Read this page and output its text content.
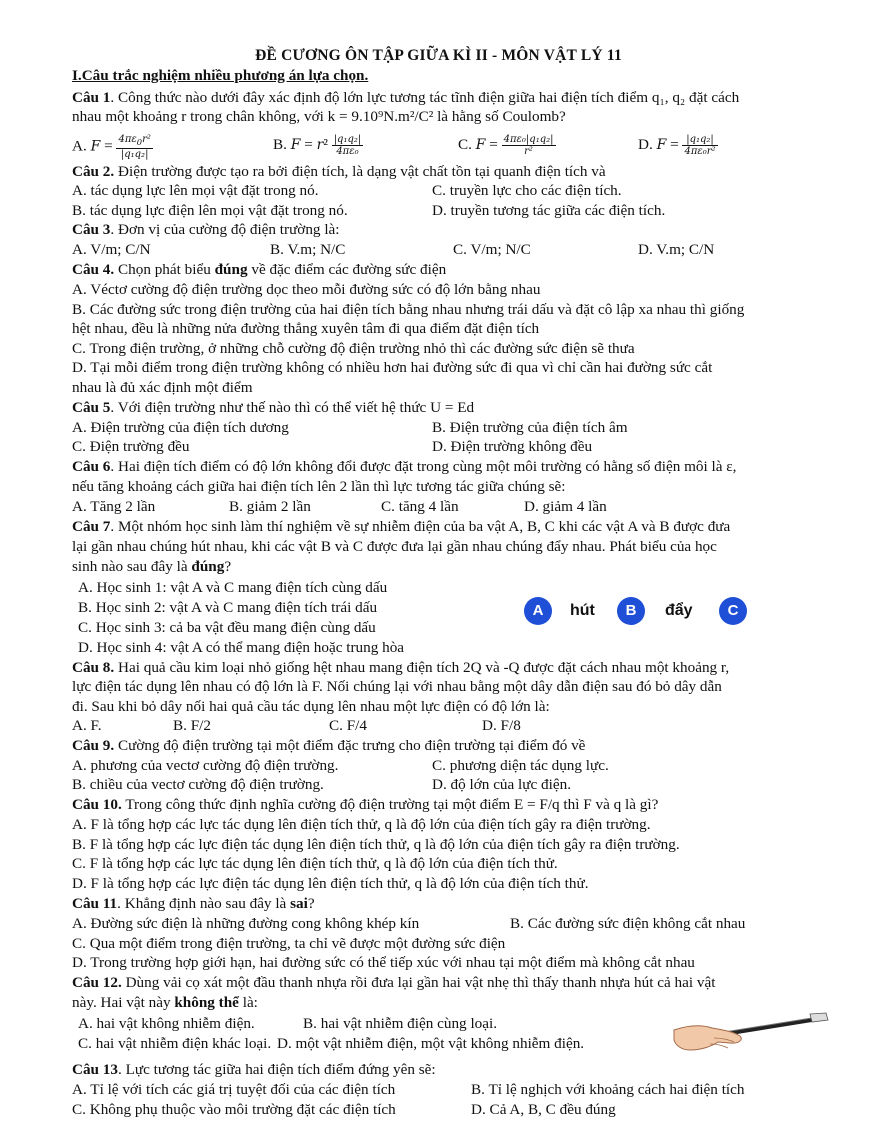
ĐỀ CƯƠNG ÔN TẬP GIỮA KÌ II - MÔN VẬT LÝ 11
I.Câu trắc nghiệm nhiều phương án lựa chọn.
Câu 1. Công thức nào dưới đây xác định độ lớn lực tương tác tĩnh điện giữa hai điện tích điểm q₁, q₂ đặt cách
nhau một khoảng r trong chân không, với k = 9.10⁹N.m²/C² là hằng số Coulomb?
A. $F = \frac{4\pi\varepsilon_0r^2}{\text{|q₁q₂|}}$	B. $F = r^2 \frac{\text{|q₁q₂|}}{\text{4πε₀}}$	C. $F = \frac{\text{4πε₀|q₁q₂|}}{\text{r²}}$	D. $F = \frac{\text{|q₁q₂|}}{\text{4πε₀r²}}$
Câu 2. Điện trường được tạo ra bởi điện tích, là dạng vật chất tồn tại quanh điện tích và
A. tác dụng lực lên mọi vật đặt trong nó.	C. truyền lực cho các điện tích.
B. tác dụng lực điện lên mọi vật đặt trong nó.	D. truyền tương tác giữa các điện tích.
Câu 3. Đơn vị của cường độ điện trường là:
A. V/m; C/N	B. V.m; N/C	C. V/m; N/C	D. V.m; C/N
Câu 4. Chọn phát biểu đúng về đặc điểm các đường sức điện
A. Véctơ cường độ điện trường dọc theo mỗi đường sức có độ lớn bằng nhau
B. Các đường sức trong điện trường của hai điện tích bằng nhau nhưng trái dấu và đặt cô lập xa nhau thì giống
hệt nhau, đều là những nửa đường thẳng xuyên tâm đi qua điểm đặt điện tích
C. Trong điện trường, ở những chỗ cường độ điện trường nhỏ thì các đường sức điện sẽ thưa
D. Tại mỗi điểm trong điện trường không có nhiều hơn hai đường sức đi qua vì chỉ cần hai đường sức cắt
nhau là đủ xác định một điểm
Câu 5. Với điện trường như thế nào thì có thể viết hệ thức U = Ed
A. Điện trường của điện tích dương	B. Điện trường của điện tích âm
C. Điện trường đều	D. Điện trường không đều
Câu 6. Hai điện tích điểm có độ lớn không đổi được đặt trong cùng một môi trường có hằng số điện môi là ε,
nếu tăng khoảng cách giữa hai điện tích lên 2 lần thì lực tương tác giữa chúng sẽ:
A. Tăng 2 lần	B. giảm 2 lần	C. tăng 4 lần	D. giảm 4 lần
Câu 7. Một nhóm học sinh làm thí nghiệm về sự nhiễm điện của ba vật A, B, C khi các vật A và B được đưa
lại gần nhau chúng hút nhau, khi các vật B và C được đưa lại gần nhau chúng đẩy nhau. Phát biểu của học
sinh nào sau đây là đúng?
A. Học sinh 1: vật A và C mang điện tích cùng dấu
B. Học sinh 2: vật A và C mang điện tích trái dấu
C. Học sinh 3: cả ba vật đều mang điện cùng dấu
D. Học sinh 4: vật A có thể mang điện hoặc trung hòa
A	hút	B	đẩy	C
Câu 8. Hai quả cầu kim loại nhỏ giống hệt nhau mang điện tích 2Q và -Q được đặt cách nhau một khoảng r,
lực điện tác dụng lên nhau có độ lớn là F. Nối chúng lại với nhau bằng một dây dẫn điện sau đó bỏ dây dẫn
đi. Sau khi bỏ dây nối hai quả cầu tác dụng lên nhau một lực điện có độ lớn là:
A. F.	B. F/2	C. F/4	D. F/8
Câu 9. Cường độ điện trường tại một điểm đặc trưng cho điện trường tại điểm đó về
A. phương của vectơ cường độ điện trường.	C. phương diện tác dụng lực.
B. chiều của vectơ cường độ điện trường.	D. độ lớn của lực điện.
Câu 10. Trong công thức định nghĩa cường độ điện trường tại một điểm E = F/q thì F và q là gì?
A. F là tổng hợp các lực tác dụng lên điện tích thử, q là độ lớn của điện tích gây ra điện trường.
B. F là tổng hợp các lực điện tác dụng lên điện tích thử, q là độ lớn của điện tích gây ra điện trường.
C. F là tổng hợp các lực tác dụng lên điện tích thử, q là độ lớn của điện tích thử.
D. F là tổng hợp các lực điện tác dụng lên điện tích thử, q là độ lớn của điện tích thử.
Câu 11. Khẳng định nào sau đây là sai?
A. Đường sức điện là những đường cong không khép kín	B. Các đường sức điện không cắt nhau
C. Qua một điểm trong điện trường, ta chỉ vẽ được một đường sức điện
D. Trong trường hợp giới hạn, hai đường sức có thể tiếp xúc với nhau tại một điểm mà không cắt nhau
Câu 12. Dùng vải cọ xát một đầu thanh nhựa rồi đưa lại gần hai vật nhẹ thì thấy thanh nhựa hút cả hai vật
này. Hai vật này không thể là:
A. hai vật không nhiễm điện.	B. hai vật nhiễm điện cùng loại.
C. hai vật nhiễm điện khác loại. D. một vật nhiễm điện, một vật không nhiễm điện.
Câu 13. Lực tương tác giữa hai điện tích điểm đứng yên sẽ:
A. Tỉ lệ với tích các giá trị tuyệt đối của các điện tích	B. Tỉ lệ nghịch với khoảng cách hai điện tích
C. Không phụ thuộc vào môi trường đặt các điện tích	D. Cả A, B, C đều đúng
